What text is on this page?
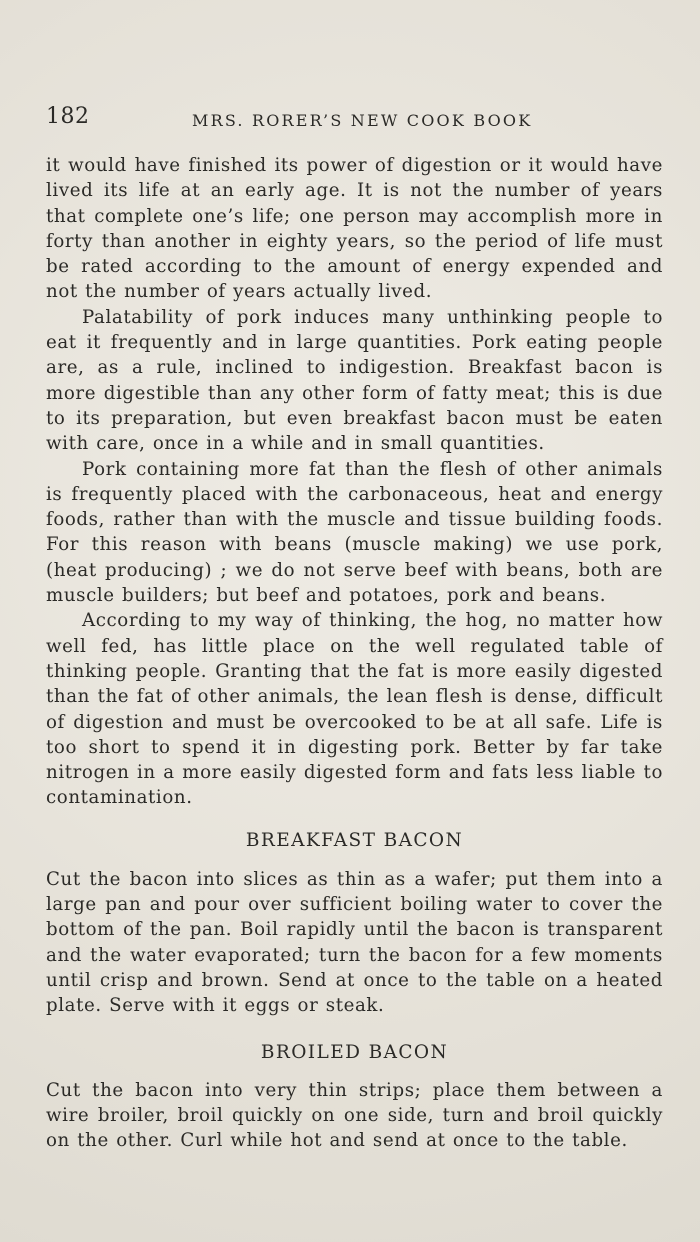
182	MRS. RORER’S NEW COOK BOOK

it would have finished its power of digestion or it would have lived its life at an early age. It is not the number of years that complete one’s life; one person may accomplish more in forty than another in eighty years, so the period of life must be rated according to the amount of energy expended and not the number of years actually lived.

Palatability of pork induces many unthinking people to eat it frequently and in large quantities. Pork eating people are, as a rule, inclined to indigestion. Breakfast bacon is more digestible than any other form of fatty meat; this is due to its preparation, but even breakfast bacon must be eaten with care, once in a while and in small quantities.

Pork containing more fat than the flesh of other animals is frequently placed with the carbonaceous, heat and energy foods, rather than with the muscle and tissue building foods. For this reason with beans (muscle making) we use pork, (heat producing) ; we do not serve beef with beans, both are muscle builders; but beef and potatoes, pork and beans.

According to my way of thinking, the hog, no matter how well fed, has little place on the well regulated table of thinking people. Granting that the fat is more easily digested than the fat of other animals, the lean flesh is dense, difficult of digestion and must be overcooked to be at all safe. Life is too short to spend it in digesting pork. Better by far take nitrogen in a more easily digested form and fats less liable to contamination.

BREAKFAST BACON

Cut the bacon into slices as thin as a wafer; put them into a large pan and pour over sufficient boiling water to cover the bottom of the pan. Boil rapidly until the bacon is transparent and the water evaporated; turn the bacon for a few moments until crisp and brown. Send at once to the table on a heated plate. Serve with it eggs or steak.

BROILED BACON

Cut the bacon into very thin strips; place them between a wire broiler, broil quickly on one side, turn and broil quickly on the other. Curl while hot and send at once to the table.
